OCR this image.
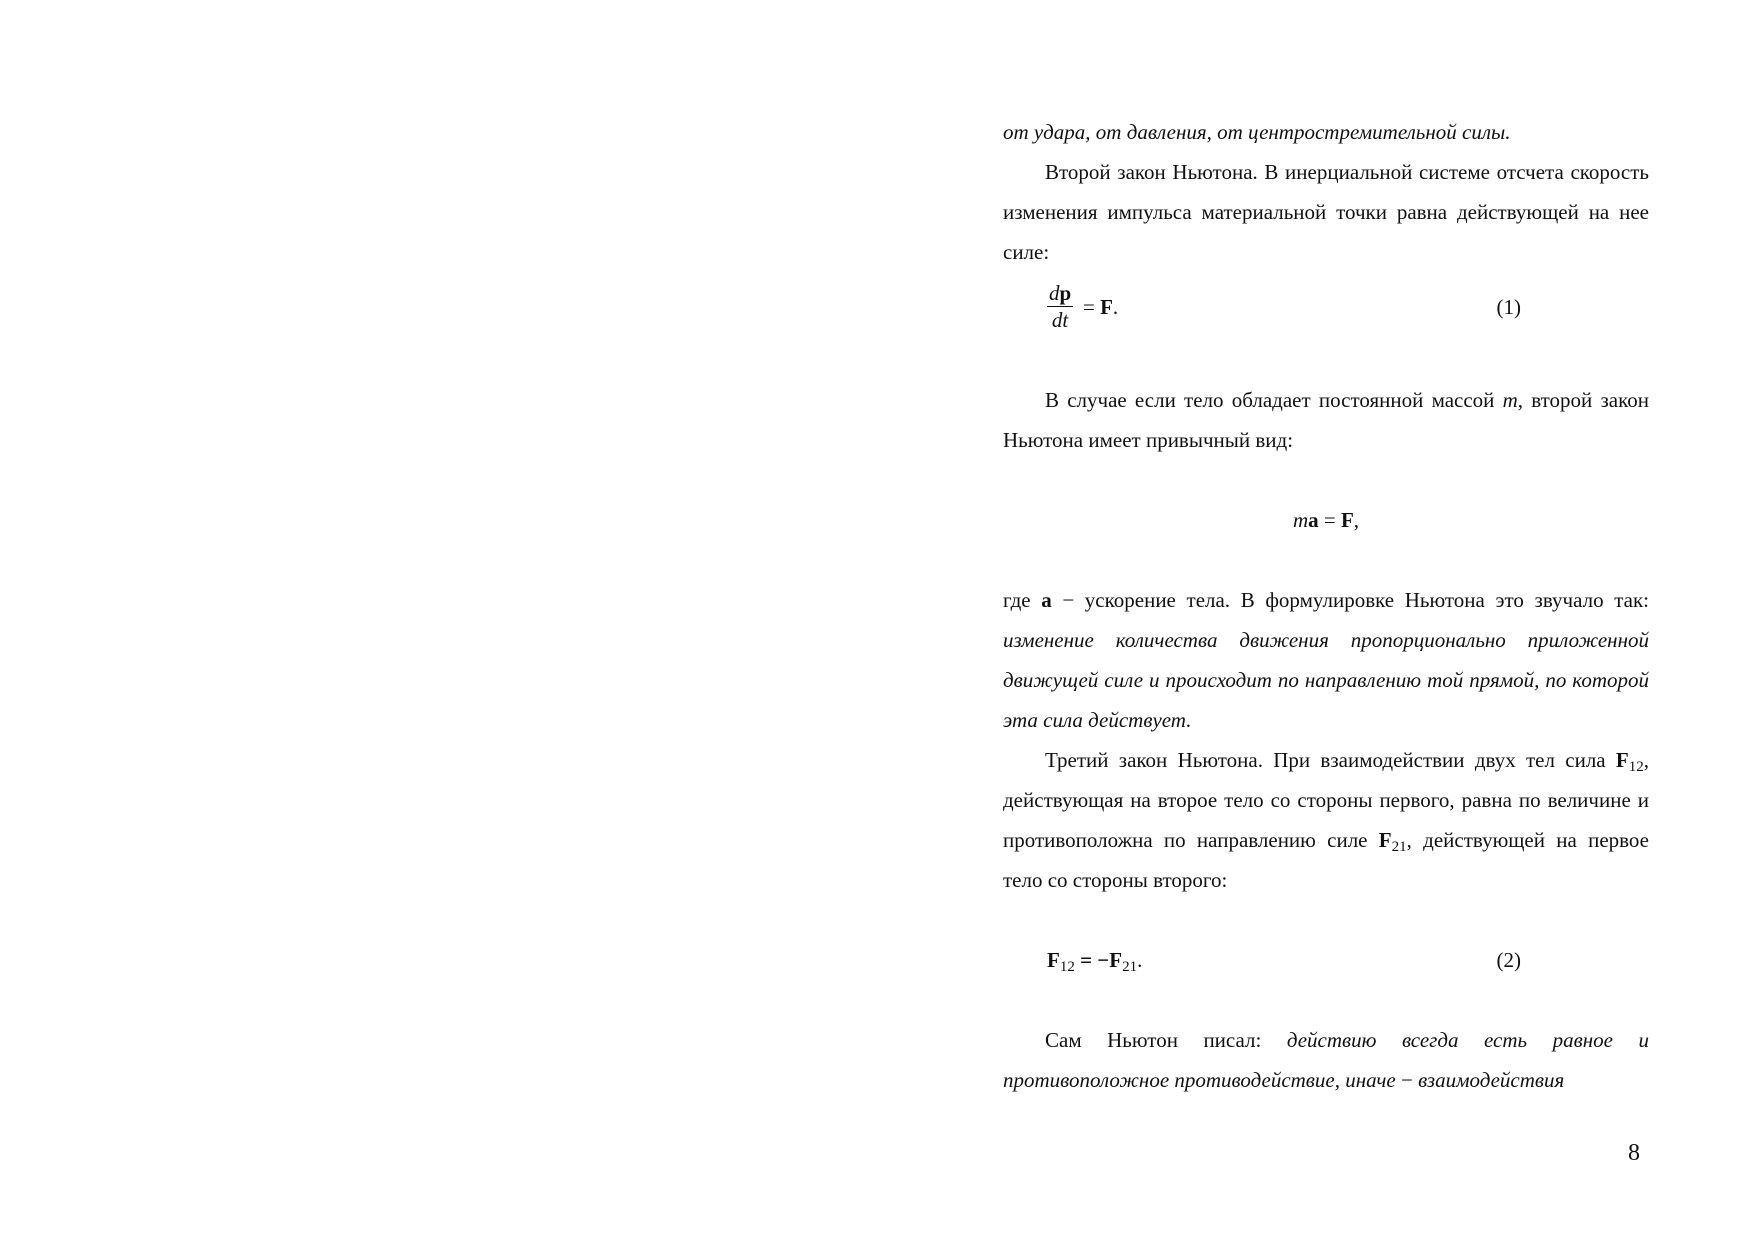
от удара, от давления, от центростремительной силы.

Второй закон Ньютона. В инерциальной системе отсчета скорость изменения импульса материальной точки равна действующей на нее силе:

$\frac{dp}{dt} = F$.	(1)

В случае если тело обладает постоянной массой m, второй закон Ньютона имеет привычный вид:

ma = F,

где a − ускорение тела. В формулировке Ньютона это звучало так: изменение количества движения пропорционально приложенной движущей силе и происходит по направлению той прямой, по которой эта сила действует.

Третий закон Ньютона. При взаимодействии двух тел сила $F_{12}$, действующая на второе тело со стороны первого, равна по величине и противоположна по направлению силе $F_{21}$, действующей на первое тело со стороны второго:

$F_{12} = -F_{21}$.	(2)

Сам Ньютон писал: действию всегда есть равное и противоположное противодействие, иначе − взаимодействия

8
